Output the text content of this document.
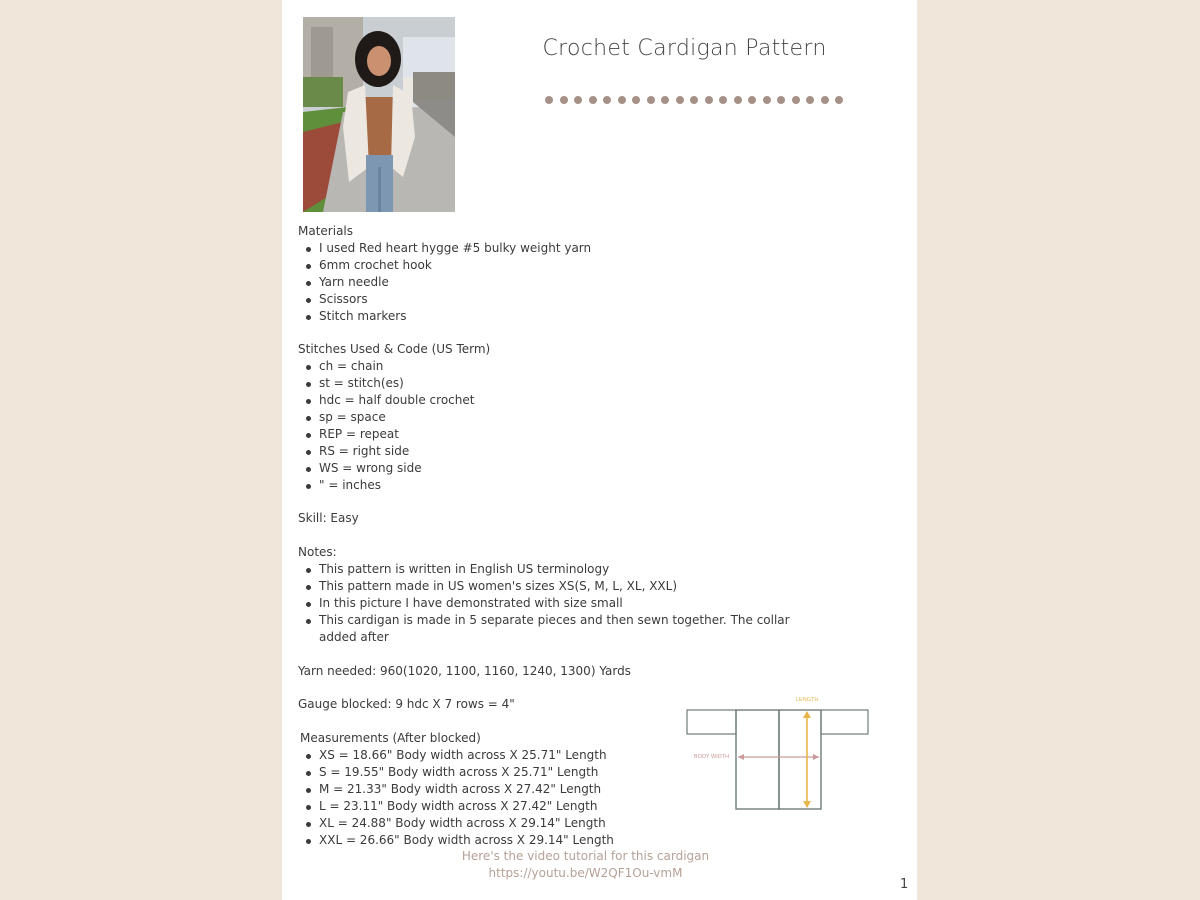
Crochet Cardigan Pattern

Materials

I used Red heart hygge #5 bulky weight yarn
6mm crochet hook
Yarn needle
Scissors
Stitch markers

Stitches Used & Code (US Term)

ch = chain
st = stitch(es)
hdc = half double crochet
sp = space
REP = repeat
RS = right side
WS = wrong side
" = inches

Skill: Easy

Notes:

This pattern is written in English US terminology
This pattern made in US women's sizes XS(S, M, L, XL, XXL)
In this picture I have demonstrated with size small
This cardigan is made in 5 separate pieces and then sewn together. The collar added after

Yarn needed: 960(1020, 1100, 1160, 1240, 1300) Yards

Gauge blocked: 9 hdc X 7 rows = 4"

Measurements (After blocked)

XS = 18.66" Body width across X 25.71" Length
S = 19.55" Body width across X 25.71" Length
M = 21.33" Body width across X 27.42" Length
L = 23.11" Body width across X 27.42" Length
XL = 24.88" Body width across X 29.14" Length
XXL = 26.66" Body width across X 29.14" Length
LENGTH
BODY WIDTH
Here's the video tutorial for this cardigan
https://youtu.be/W2QF1Ou-vmM
1
